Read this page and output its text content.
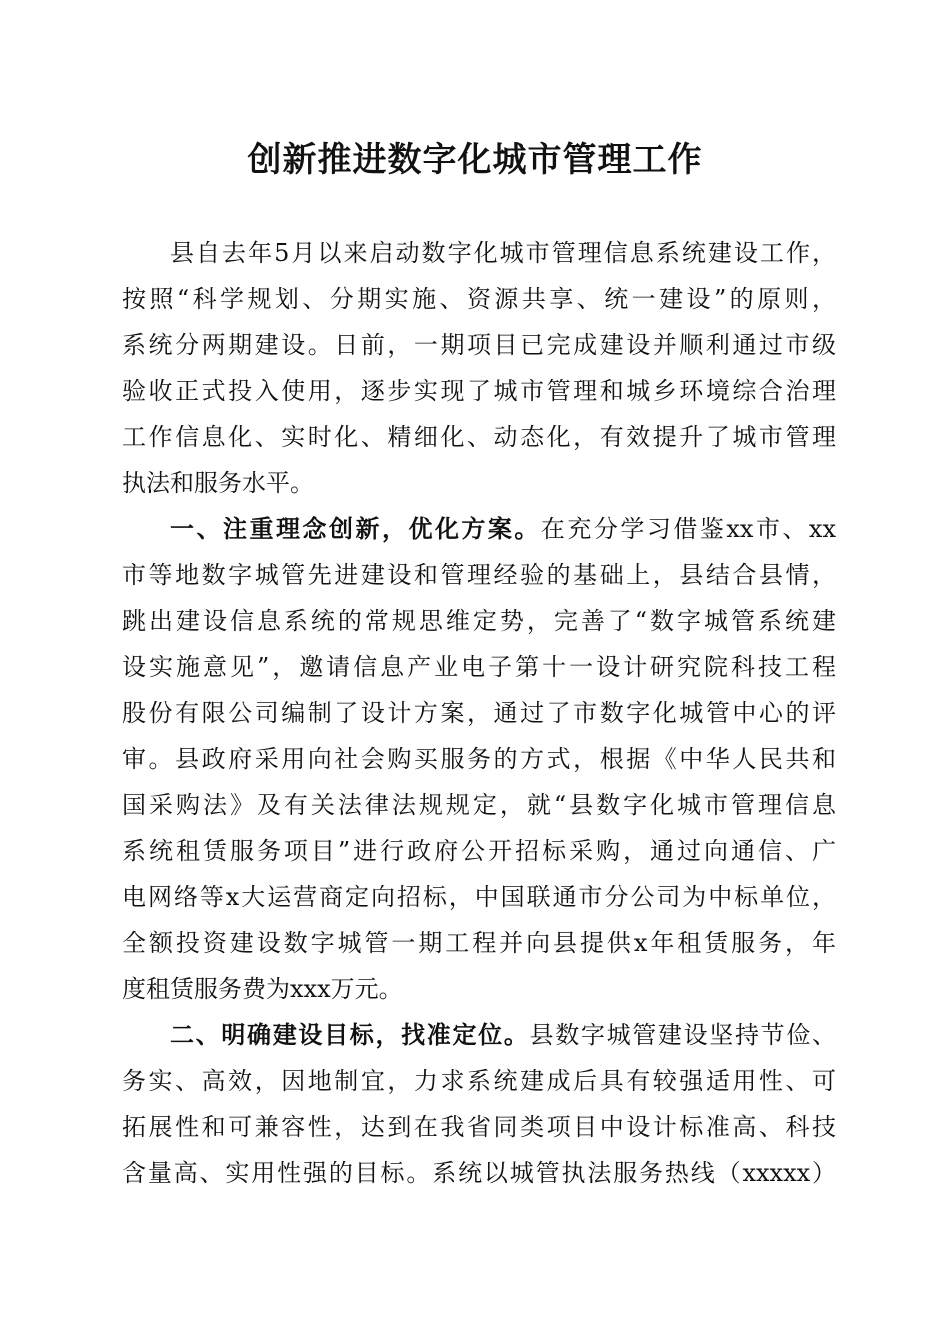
创新推进数字化城市管理工作
县自去年5月以来启动数字化城市管理信息系统建设工作，
按照“科学规划、分期实施、资源共享、统一建设”的原则，
系统分两期建设。日前，一期项目已完成建设并顺利通过市级
验收正式投入使用，逐步实现了城市管理和城乡环境综合治理
工作信息化、实时化、精细化、动态化，有效提升了城市管理
执法和服务水平。
一、注重理念创新，优化方案。在充分学习借鉴xx市、xx
市等地数字城管先进建设和管理经验的基础上，县结合县情，
跳出建设信息系统的常规思维定势，完善了“数字城管系统建
设实施意见”，邀请信息产业电子第十一设计研究院科技工程
股份有限公司编制了设计方案，通过了市数字化城管中心的评
审。县政府采用向社会购买服务的方式，根据《中华人民共和
国采购法》及有关法律法规规定，就“县数字化城市管理信息
系统租赁服务项目”进行政府公开招标采购，通过向通信、广
电网络等x大运营商定向招标，中国联通市分公司为中标单位，
全额投资建设数字城管一期工程并向县提供x年租赁服务，年
度租赁服务费为xxx万元。
二、明确建设目标，找准定位。县数字城管建设坚持节俭、
务实、高效，因地制宜，力求系统建成后具有较强适用性、可
拓展性和可兼容性，达到在我省同类项目中设计标准高、科技
含量高、实用性强的目标。系统以城管执法服务热线（xxxxx）
